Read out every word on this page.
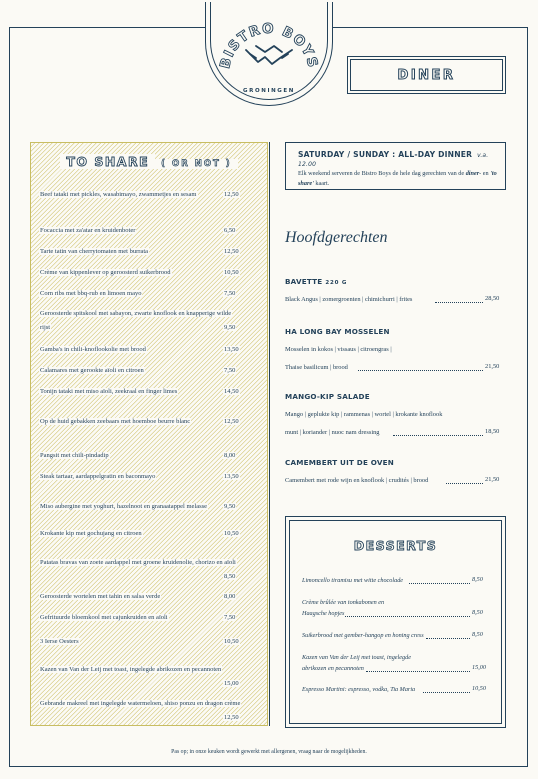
BISTRO BOYS
GRONINGEN
DINER
TO SHARE ( OR NOT )
Beef tataki met pickles, wasabimayo, zwammetjes en sesam	12,50
Focaccia met za'atar en kruidenboter	6,50
Tarte tatin van cherrytomaten met burrata	12,50
Crème van kippenlever op geroosterd suikerbrood	10,50
Corn ribs met bbq-rub en limoen mayo	7,50
Geroosterde spitskool met sabayon, zwarte knoflook en knapperige wilde rijst	9,50
Gamba's in chili-knoflookolie met brood	13,50
Calamares met gerookte aïoli en citroen	7,50
Tonijn tataki met miso aïoli, zeekraal en finger limes	14,50
Op de huid gebakken zeebaars met hoemboe beurre blanc	12,50
Pangsit met chili-pindadip	8,00
Steak tartaar, aardappelgratin en baconmayo	13,50
Miso aubergine met yoghurt, hazelnoot en granaatappel melasse	9,50
Krokante kip met gochujang en citroen	10,50
Patatas bravas van zoete aardappel met groene kruidenolie, chorizo en aïoli
8,50
Geroosterde wortelen met tahin en salsa verde	8,00
Gefrituurde bloemkool met cajunkruiden en aïoli	7,50
3 Ierse Oesters	10,50
Kazen van Van der Leij met toast, ingelegde abrikozen en pecannoten
15,00
Gebrande makreel met ingelegde watermeloen, shiso ponzu en dragon crème
12,50
SATURDAY / SUNDAY : ALL-DAY DINNER v.a. 12.00
Elk weekend serveren de Bistro Boys de hele dag gerechten van de diner- en 'to share' kaart.
Hoofdgerechten
BAVETTE 220 G
Black Angus | zomergroenten | chimichurri | frites	28,50
HA LONG BAY MOSSELEN
Mosselen in kokos | vissaus | citroengras |
Thaise basilicum | brood	21,50
MANGO-KIP SALADE
Mango | geplukte kip | rammenas | wortel | krokante knoflook
munt | koriander | nuoc nam dressing	18,50
CAMEMBERT UIT DE OVEN
Camembert met rode wijn en knoflook | crudités | brood	21,50
DESSERTS
Limoncello tiramisu met witte chocolade	8,50
Crème brûlée van tonkabonen en
Haagsche hopjes	8,50
Suikerbrood met gember-hangop en honing cress	8,50
Kazen van Van der Leij met toast, ingelegde
abrikozen en pecannoten	15,00
Espresso Martini: espresso, vodka, Tia Maria	10,50
Pas op; in onze keuken wordt gewerkt met allergenen, vraag naar de mogelijkheden.
